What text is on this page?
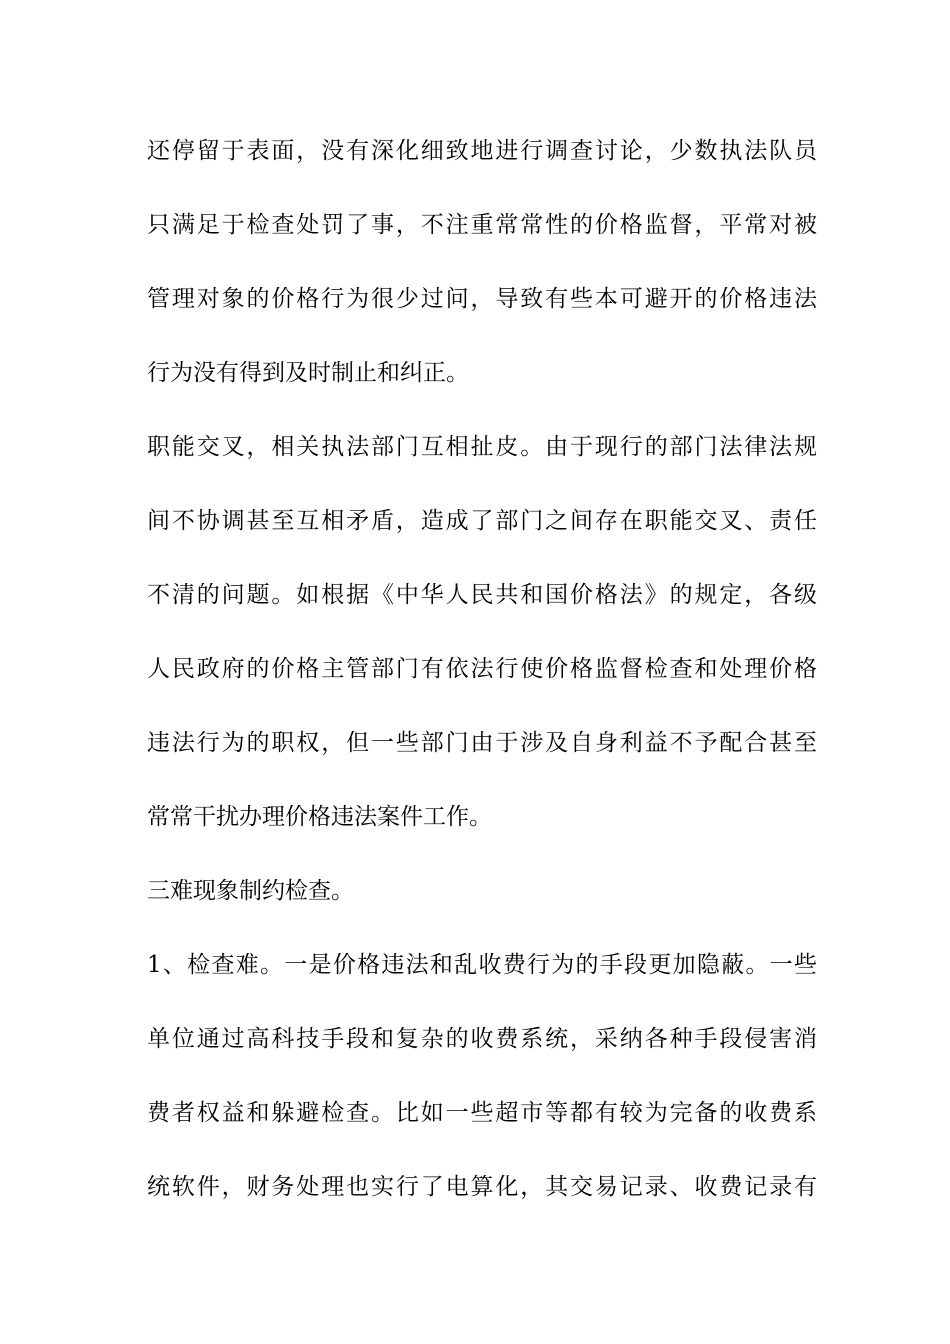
还停留于表面，没有深化细致地进行调查讨论，少数执法队员

只满足于检查处罚了事，不注重常常性的价格监督，平常对被

管理对象的价格行为很少过问，导致有些本可避开的价格违法

行为没有得到及时制止和纠正。

职能交叉，相关执法部门互相扯皮。由于现行的部门法律法规

间不协调甚至互相矛盾，造成了部门之间存在职能交叉、责任

不清的问题。如根据《中华人民共和国价格法》的规定，各级

人民政府的价格主管部门有依法行使价格监督检查和处理价格

违法行为的职权，但一些部门由于涉及自身利益不予配合甚至

常常干扰办理价格违法案件工作。

三难现象制约检查。

1、检查难。一是价格违法和乱收费行为的手段更加隐蔽。一些

单位通过高科技手段和复杂的收费系统，采纳各种手段侵害消

费者权益和躲避检查。比如一些超市等都有较为完备的收费系

统软件，财务处理也实行了电算化，其交易记录、收费记录有
